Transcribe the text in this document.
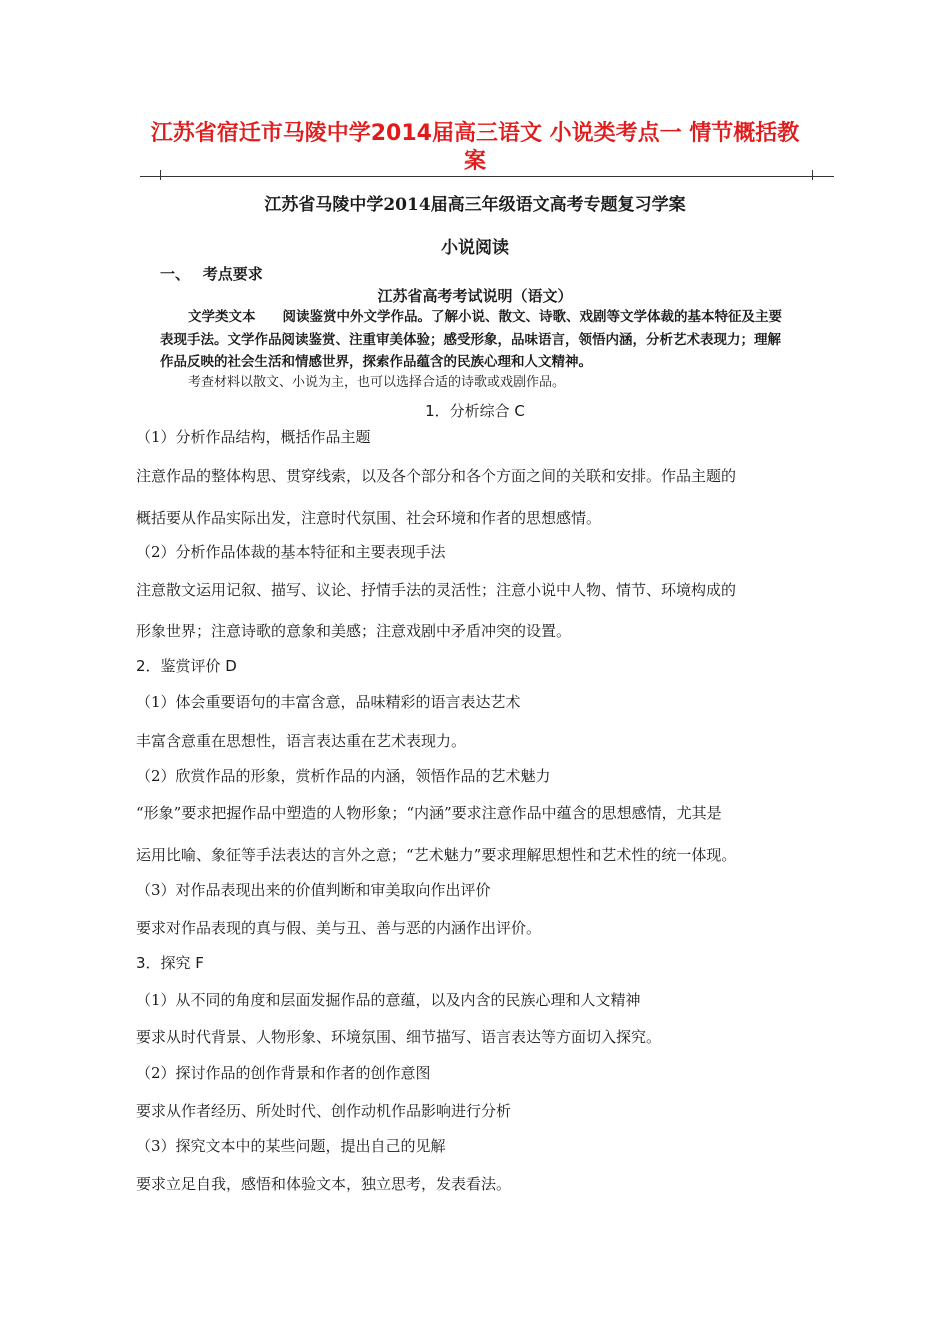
江苏省宿迁市马陵中学2014届高三语文 小说类考点一 情节概括教
案
江苏省马陵中学2014届高三年级语文高考专题复习学案
小说阅读
一、　 考点要求
江苏省高考考试说明（语文）
文学类文本　　阅读鉴赏中外文学作品。了解小说、散文、诗歌、戏剧等文学体裁的基本特征及主要
表现手法。文学作品阅读鉴赏、注重审美体验；感受形象，品味语言，领悟内涵，分析艺术表现力；理解
作品反映的社会生活和情感世界，探索作品蕴含的民族心理和人文精神。
考查材料以散文、小说为主，也可以选择合适的诗歌或戏剧作品。
1．分析综合 C
（1）分析作品结构，概括作品主题
注意作品的整体构思、贯穿线索，以及各个部分和各个方面之间的关联和安排。作品主题的
概括要从作品实际出发，注意时代氛围、社会环境和作者的思想感情。
（2）分析作品体裁的基本特征和主要表现手法
注意散文运用记叙、描写、议论、抒情手法的灵活性；注意小说中人物、情节、环境构成的
形象世界；注意诗歌的意象和美感；注意戏剧中矛盾冲突的设置。
2．鉴赏评价 D
（1）体会重要语句的丰富含意，品味精彩的语言表达艺术
丰富含意重在思想性，语言表达重在艺术表现力。
（2）欣赏作品的形象，赏析作品的内涵，领悟作品的艺术魅力
“形象”要求把握作品中塑造的人物形象；“内涵”要求注意作品中蕴含的思想感情，尤其是
运用比喻、象征等手法表达的言外之意；“艺术魅力”要求理解思想性和艺术性的统一体现。
（3）对作品表现出来的价值判断和审美取向作出评价
要求对作品表现的真与假、美与丑、善与恶的内涵作出评价。
3．探究 F
（1）从不同的角度和层面发掘作品的意蕴，以及内含的民族心理和人文精神
要求从时代背景、人物形象、环境氛围、细节描写、语言表达等方面切入探究。
（2）探讨作品的创作背景和作者的创作意图
要求从作者经历、所处时代、创作动机作品影响进行分析
（3）探究文本中的某些问题，提出自己的见解
要求立足自我，感悟和体验文本，独立思考，发表看法。
